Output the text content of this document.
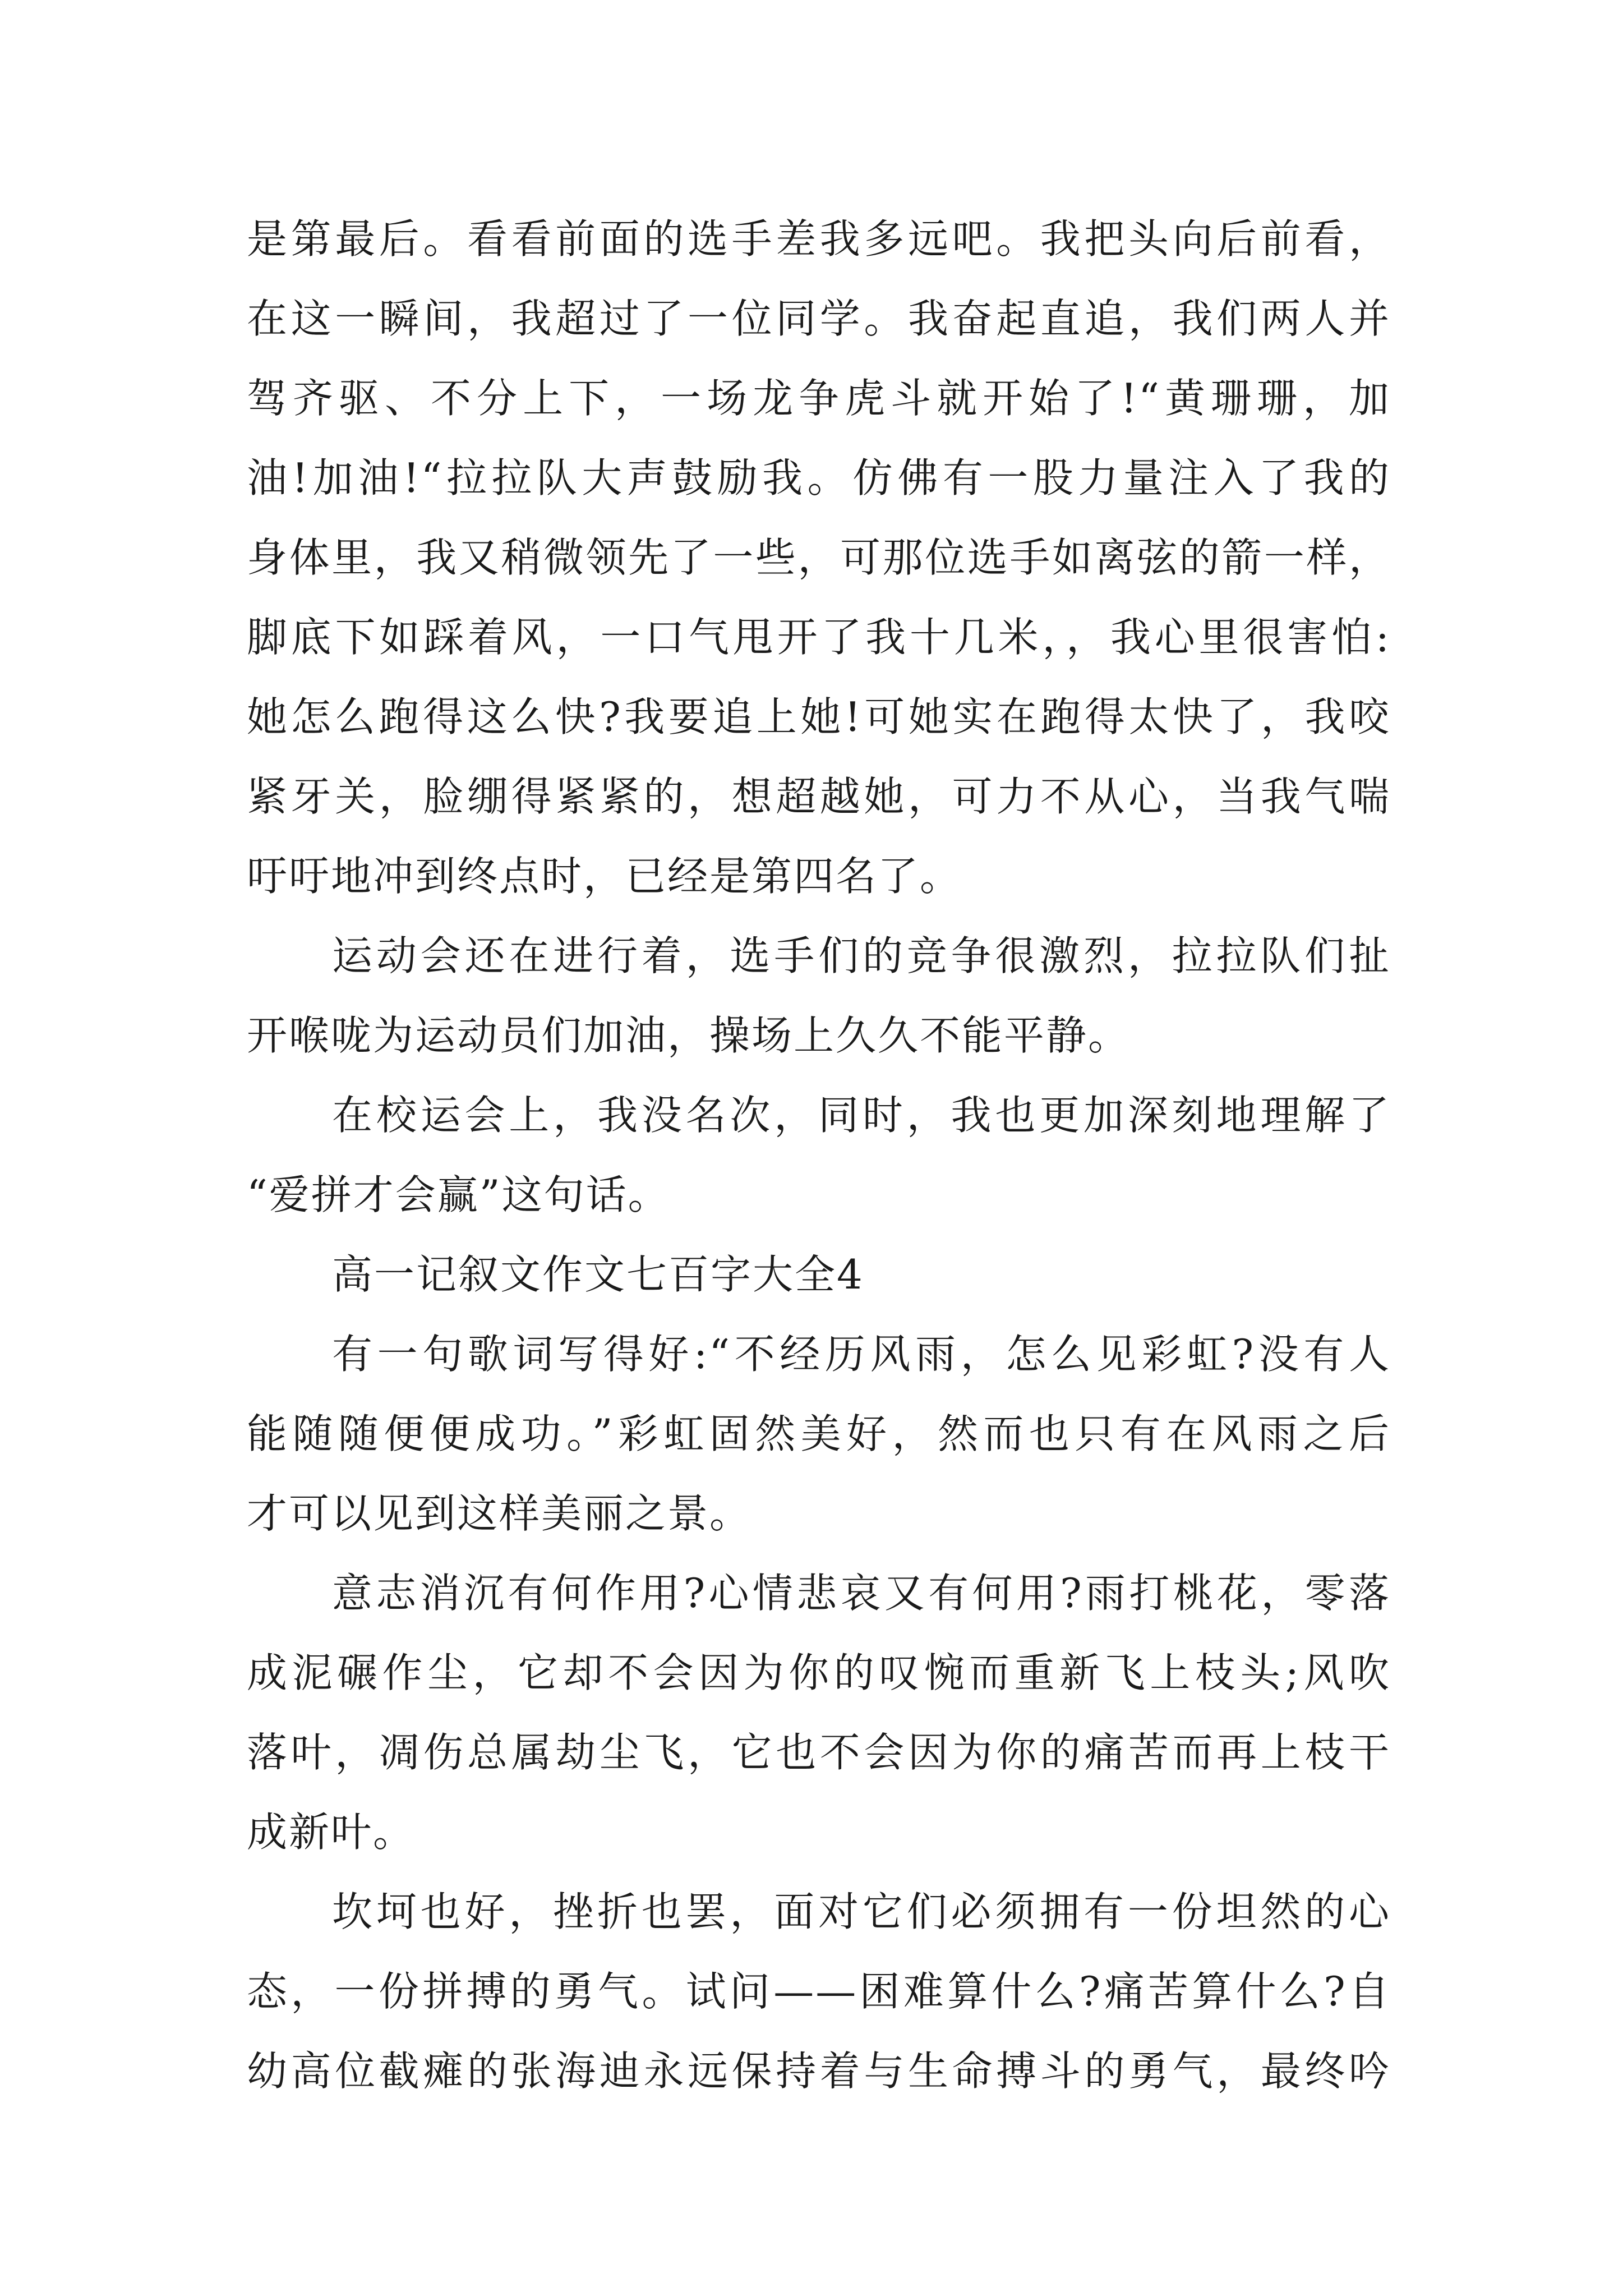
是第最后。看看前面的选手差我多远吧。我把头向后前看，
在这一瞬间，我超过了一位同学。我奋起直追，我们两人并
驾齐驱、不分上下，一场龙争虎斗就开始了!“黄珊珊，加
油!加油!“拉拉队大声鼓励我。仿佛有一股力量注入了我的
身体里，我又稍微领先了一些，可那位选手如离弦的箭一样，
脚底下如踩着风，一口气甩开了我十几米，，我心里很害怕:
她怎么跑得这么快?我要追上她!可她实在跑得太快了，我咬
紧牙关，脸绷得紧紧的，想超越她，可力不从心，当我气喘
吁吁地冲到终点时，已经是第四名了。
运动会还在进行着，选手们的竞争很激烈，拉拉队们扯
开喉咙为运动员们加油，操场上久久不能平静。
在校运会上，我没名次，同时，我也更加深刻地理解了
“爱拼才会赢”这句话。
高一记叙文作文七百字大全4
有一句歌词写得好:“不经历风雨，怎么见彩虹?没有人
能随随便便成功。”彩虹固然美好，然而也只有在风雨之后
才可以见到这样美丽之景。
意志消沉有何作用?心情悲哀又有何用?雨打桃花，零落
成泥碾作尘，它却不会因为你的叹惋而重新飞上枝头;风吹
落叶，凋伤总属劫尘飞，它也不会因为你的痛苦而再上枝干
成新叶。
坎坷也好，挫折也罢，面对它们必须拥有一份坦然的心
态，一份拼搏的勇气。试问——困难算什么?痛苦算什么?自
幼高位截瘫的张海迪永远保持着与生命搏斗的勇气，最终吟
